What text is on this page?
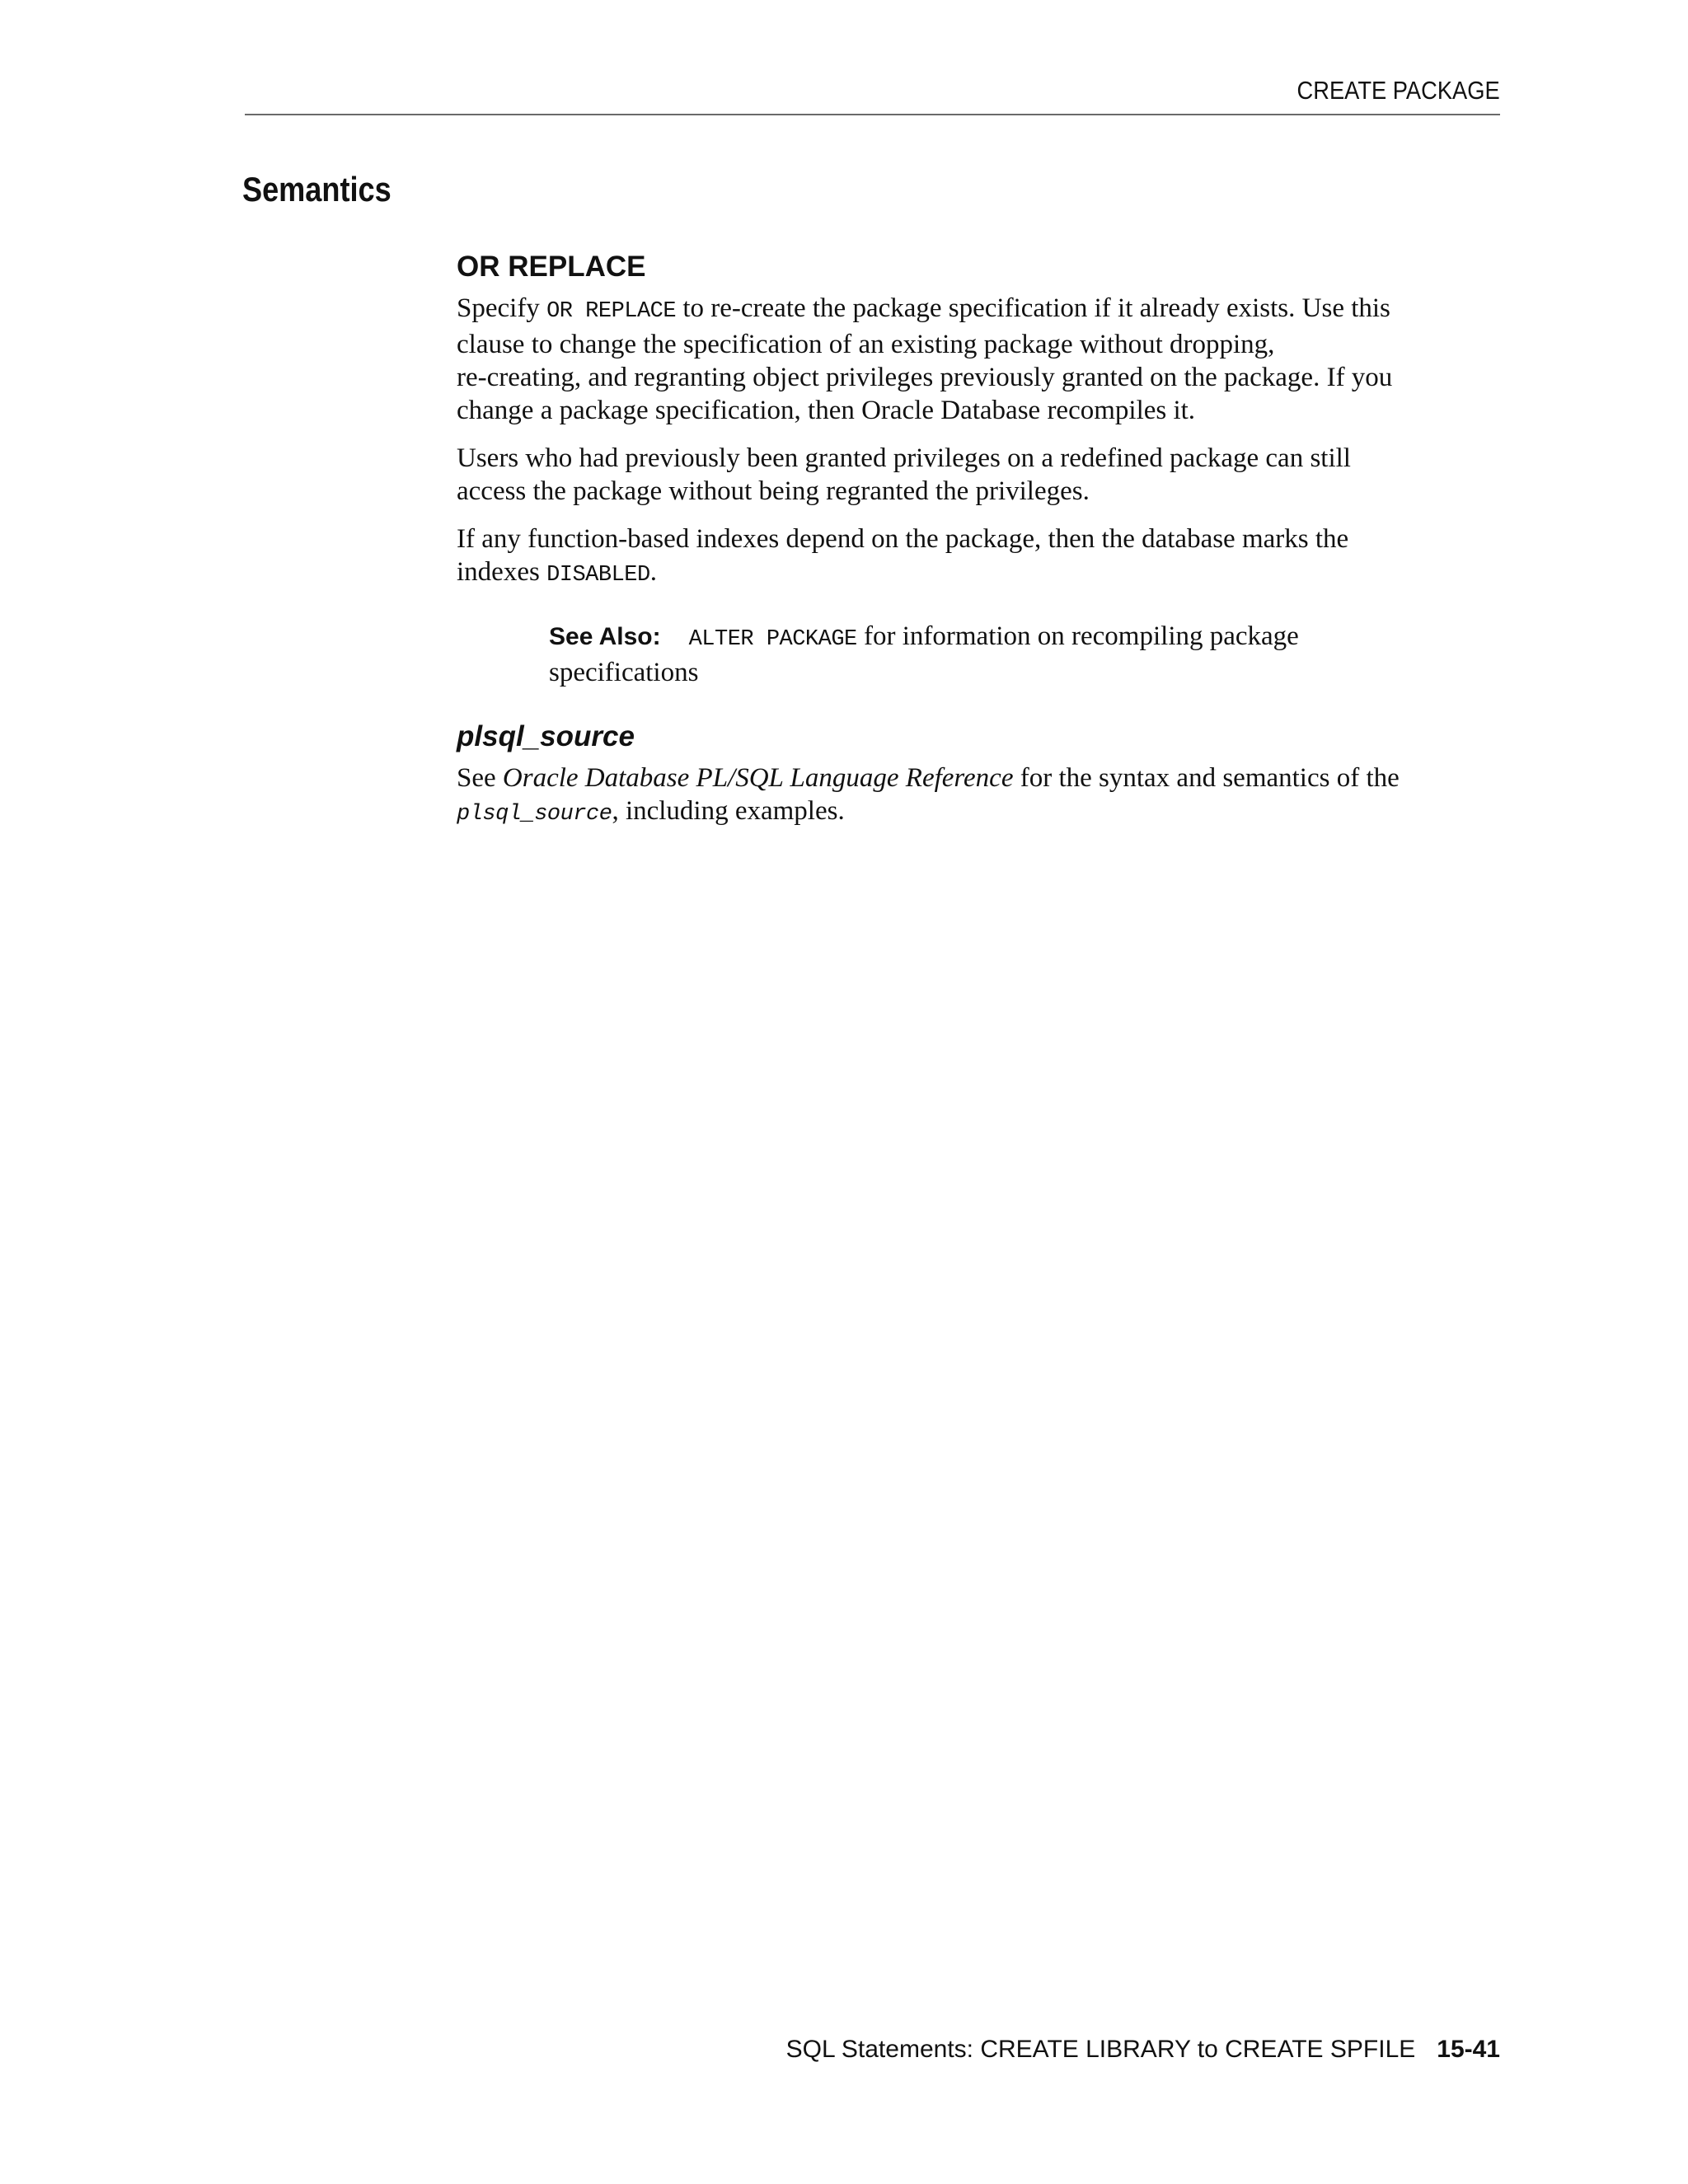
CREATE PACKAGE
Semantics
OR REPLACE

Specify OR REPLACE to re-create the package specification if it already exists. Use this
clause to change the specification of an existing package without dropping,
re-creating, and regranting object privileges previously granted on the package. If you
change a package specification, then Oracle Database recompiles it.

Users who had previously been granted privileges on a redefined package can still
access the package without being regranted the privileges.

If any function-based indexes depend on the package, then the database marks the
indexes DISABLED.

See Also: ALTER PACKAGE for information on recompiling package
specifications
plsql_source

See Oracle Database PL/SQL Language Reference for the syntax and semantics of the
plsql_source, including examples.

SQL Statements: CREATE LIBRARY to CREATE SPFILE 15-41
